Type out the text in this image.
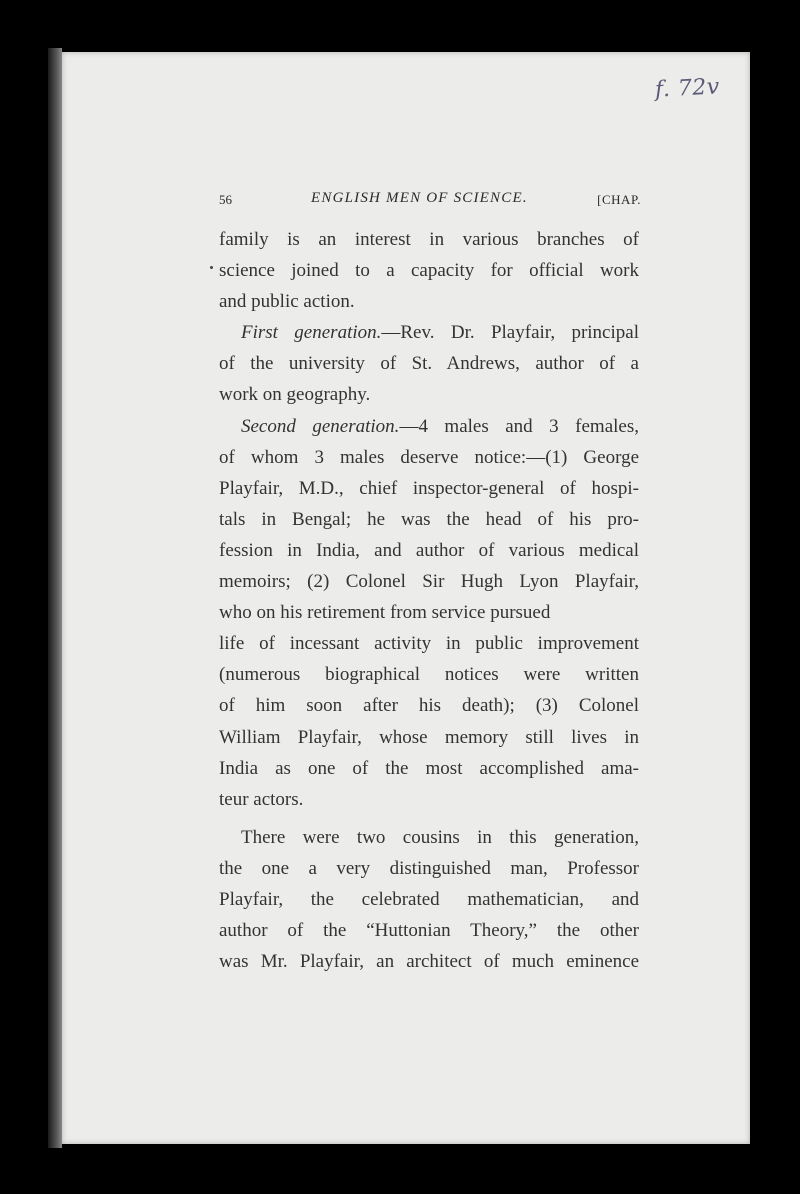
f. 72v
56	ENGLISH MEN OF SCIENCE.	[CHAP.
family is an interest in various branches of
science joined to a capacity for official work
and public action.
First generation.—Rev. Dr. Playfair, principal
of the university of St. Andrews, author of a
work on geography.
Second generation.—4 males and 3 females,
of whom 3 males deserve notice:—(1) George
Playfair, M.D., chief inspector-general of hospi-
tals in Bengal; he was the head of his pro-
fession in India, and author of various medical
memoirs; (2) Colonel Sir Hugh Lyon Playfair,
who on his retirement from service pursued
life of incessant activity in public improvement
(numerous biographical notices were written
of him soon after his death); (3) Colonel
William Playfair, whose memory still lives in
India as one of the most accomplished ama-
teur actors.
There were two cousins in this generation,
the one a very distinguished man, Professor
Playfair, the celebrated mathematician, and
author of the “Huttonian Theory,” the other
was Mr. Playfair, an architect of much eminence
